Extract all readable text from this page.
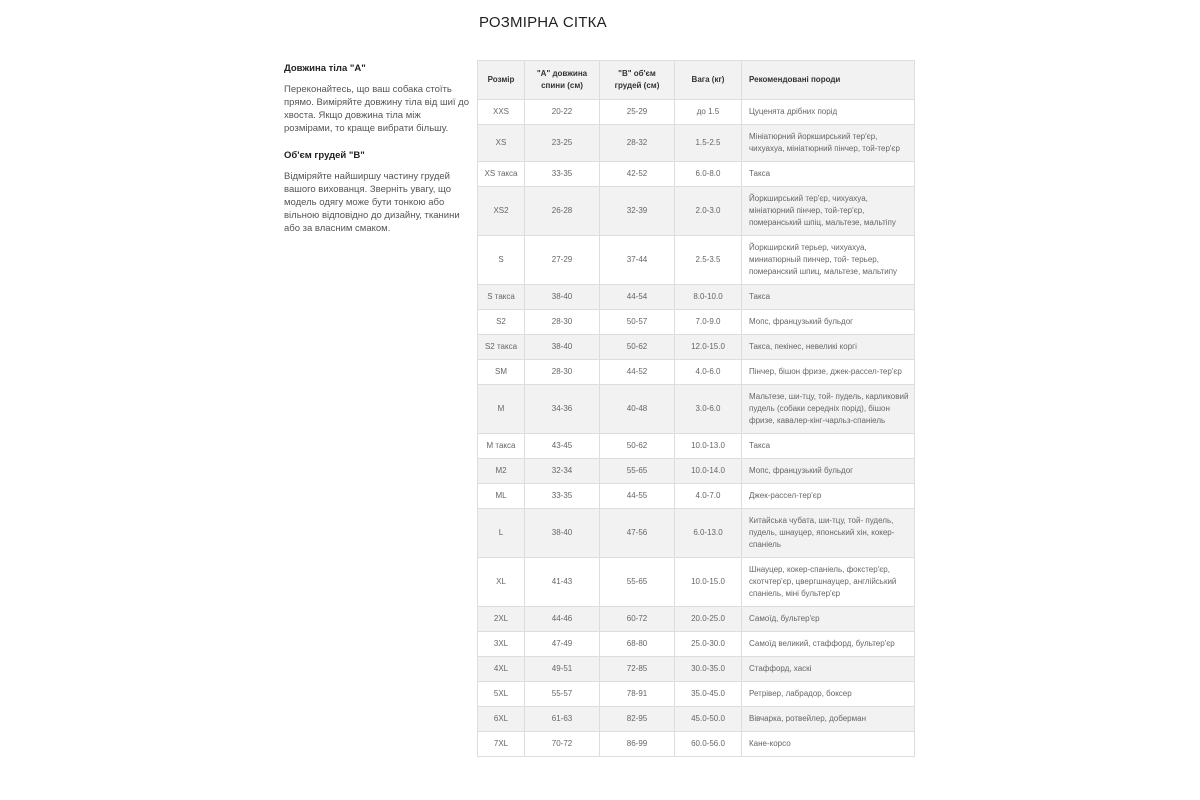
РОЗМІРНА СІТКА
Довжина тіла "А"

Переконайтесь, що ваш собака стоїть прямо. Виміряйте довжину тіла від шиї до хвоста. Якщо довжина тіла між розмірами, то краще вибрати більшу.

Об'єм грудей "В"

Відміряйте найширшу частину грудей вашого вихованця. Зверніть увагу, що модель одягу може бути тонкою або вільною відповідно до дизайну, тканини або за власним смаком.

Розмір	"А" довжина спини (см)	"В" об'єм грудей (см)	Вага (кг)	Рекомендовані породи
XXS	20-22	25-29	до 1.5	Цуценята дрібних порід
XS	23-25	28-32	1.5-2.5	Мініатюрний йоркширський тер'єр, чихуахуа, мініатюрний пінчер, той-тер'єр
XS такса	33-35	42-52	6.0-8.0	Такса
XS2	26-28	32-39	2.0-3.0	Йоркширський тер'єр, чихуахуа, мініатюрний пінчер, той-тер'єр, померанський шпіц, мальтезе, мальтіпу
S	27-29	37-44	2.5-3.5	Йоркширский терьер, чихуахуа, миниатюрный пинчер, той- терьер, померанский шпиц, мальтезе, мальтипу
S такса	38-40	44-54	8.0-10.0	Такса
S2	28-30	50-57	7.0-9.0	Мопс, французький бульдог
S2 такса	38-40	50-62	12.0-15.0	Такса, пекінес, невеликі коргі
SM	28-30	44-52	4.0-6.0	Пінчер, бішон фризе, джек-рассел-тер'єр
M	34-36	40-48	3.0-6.0	Мальтезе, ши-тцу, той- пудель, карликовий пудель (собаки середніх порід), бішон фризе, кавалер-кінг-чарльз-спаніель
M такса	43-45	50-62	10.0-13.0	Такса
M2	32-34	55-65	10.0-14.0	Мопс, французький бульдог
ML	33-35	44-55	4.0-7.0	Джек-рассел-тер'єр
L	38-40	47-56	6.0-13.0	Китайська чубата, ши-тцу, той- пудель, пудель, шнауцер, японський хін, кокер-спаніель
XL	41-43	55-65	10.0-15.0	Шнауцер, кокер-спаніель, фокстер'єр, скотчтер'єр, цвергшнауцер, англійський спаніель, міні бультер'єр
2XL	44-46	60-72	20.0-25.0	Самоїд, бультер'єр
3XL	47-49	68-80	25.0-30.0	Самоїд великий, стаффорд, бультер'єр
4XL	49-51	72-85	30.0-35.0	Стаффорд, хаскі
5XL	55-57	78-91	35.0-45.0	Ретрівер, лабрадор, боксер
6XL	61-63	82-95	45.0-50.0	Вівчарка, ротвейлер, доберман
7XL	70-72	86-99	60.0-56.0	Кане-корсо
